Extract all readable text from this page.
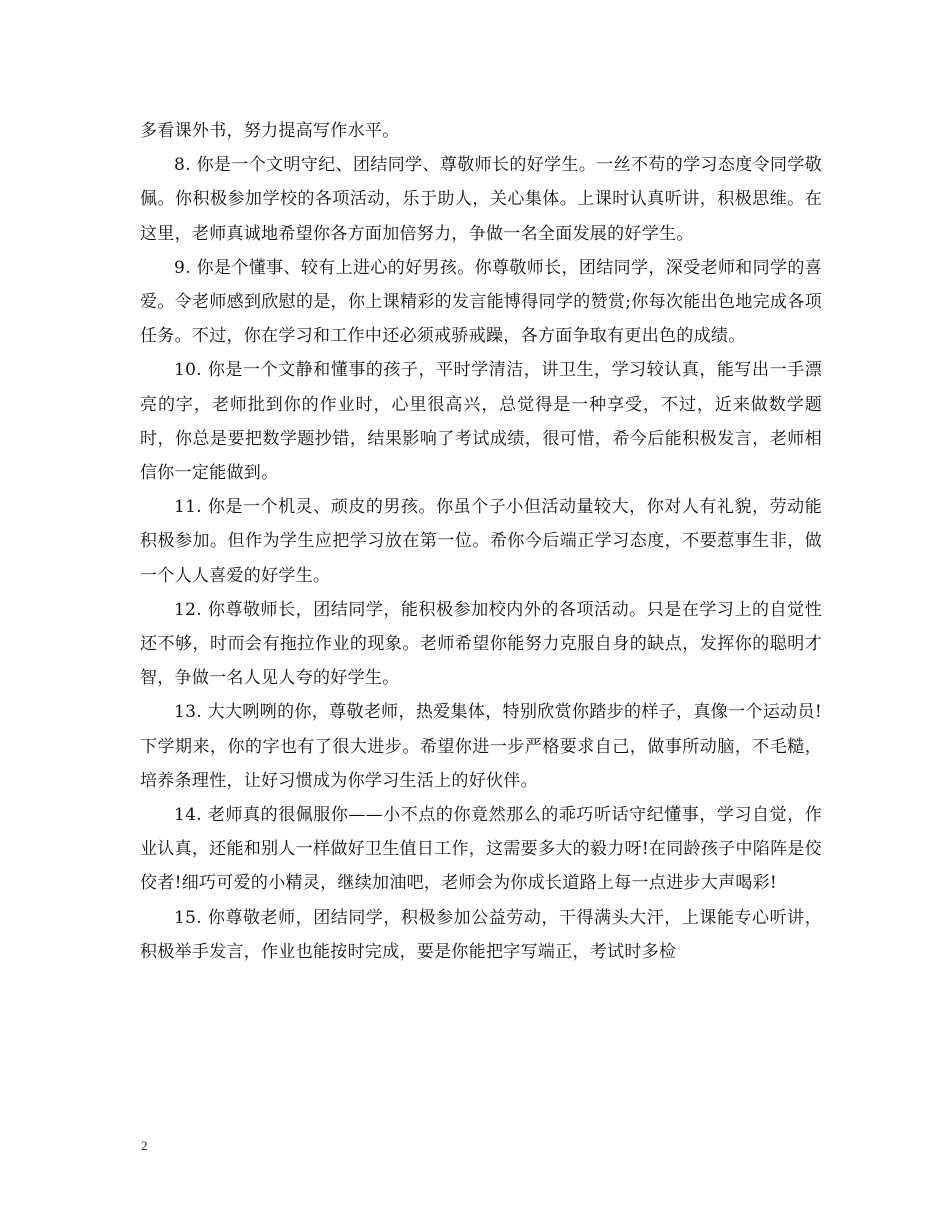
多看课外书，努力提高写作水平。

8. 你是一个文明守纪、团结同学、尊敬师长的好学生。一丝不苟的学习态度令同学敬佩。你积极参加学校的各项活动，乐于助人，关心集体。上课时认真听讲，积极思维。在这里，老师真诚地希望你各方面加倍努力，争做一名全面发展的好学生。

9. 你是个懂事、较有上进心的好男孩。你尊敬师长，团结同学，深受老师和同学的喜爱。令老师感到欣慰的是，你上课精彩的发言能博得同学的赞赏;你每次能出色地完成各项任务。不过，你在学习和工作中还必须戒骄戒躁，各方面争取有更出色的成绩。

10. 你是一个文静和懂事的孩子，平时学清洁，讲卫生，学习较认真，能写出一手漂亮的字，老师批到你的作业时，心里很高兴，总觉得是一种享受，不过，近来做数学题时，你总是要把数学题抄错，结果影响了考试成绩，很可惜，希今后能积极发言，老师相信你一定能做到。

11. 你是一个机灵、顽皮的男孩。你虽个子小但活动量较大，你对人有礼貌，劳动能积极参加。但作为学生应把学习放在第一位。希你今后端正学习态度，不要惹事生非，做一个人人喜爱的好学生。

12. 你尊敬师长，团结同学，能积极参加校内外的各项活动。只是在学习上的自觉性还不够，时而会有拖拉作业的现象。老师希望你能努力克服自身的缺点，发挥你的聪明才智，争做一名人见人夸的好学生。

13. 大大咧咧的你，尊敬老师，热爱集体，特别欣赏你踏步的样子，真像一个运动员!下学期来，你的字也有了很大进步。希望你进一步严格要求自己，做事所动脑，不毛糙，培养条理性，让好习惯成为你学习生活上的好伙伴。

14. 老师真的很佩服你——小不点的你竟然那么的乖巧听话守纪懂事，学习自觉，作业认真，还能和别人一样做好卫生值日工作，这需要多大的毅力呀!在同龄孩子中陷阵是佼佼者!细巧可爱的小精灵，继续加油吧，老师会为你成长道路上每一点进步大声喝彩!

15. 你尊敬老师，团结同学，积极参加公益劳动，干得满头大汗，上课能专心听讲，积极举手发言，作业也能按时完成，要是你能把字写端正，考试时多检

2
